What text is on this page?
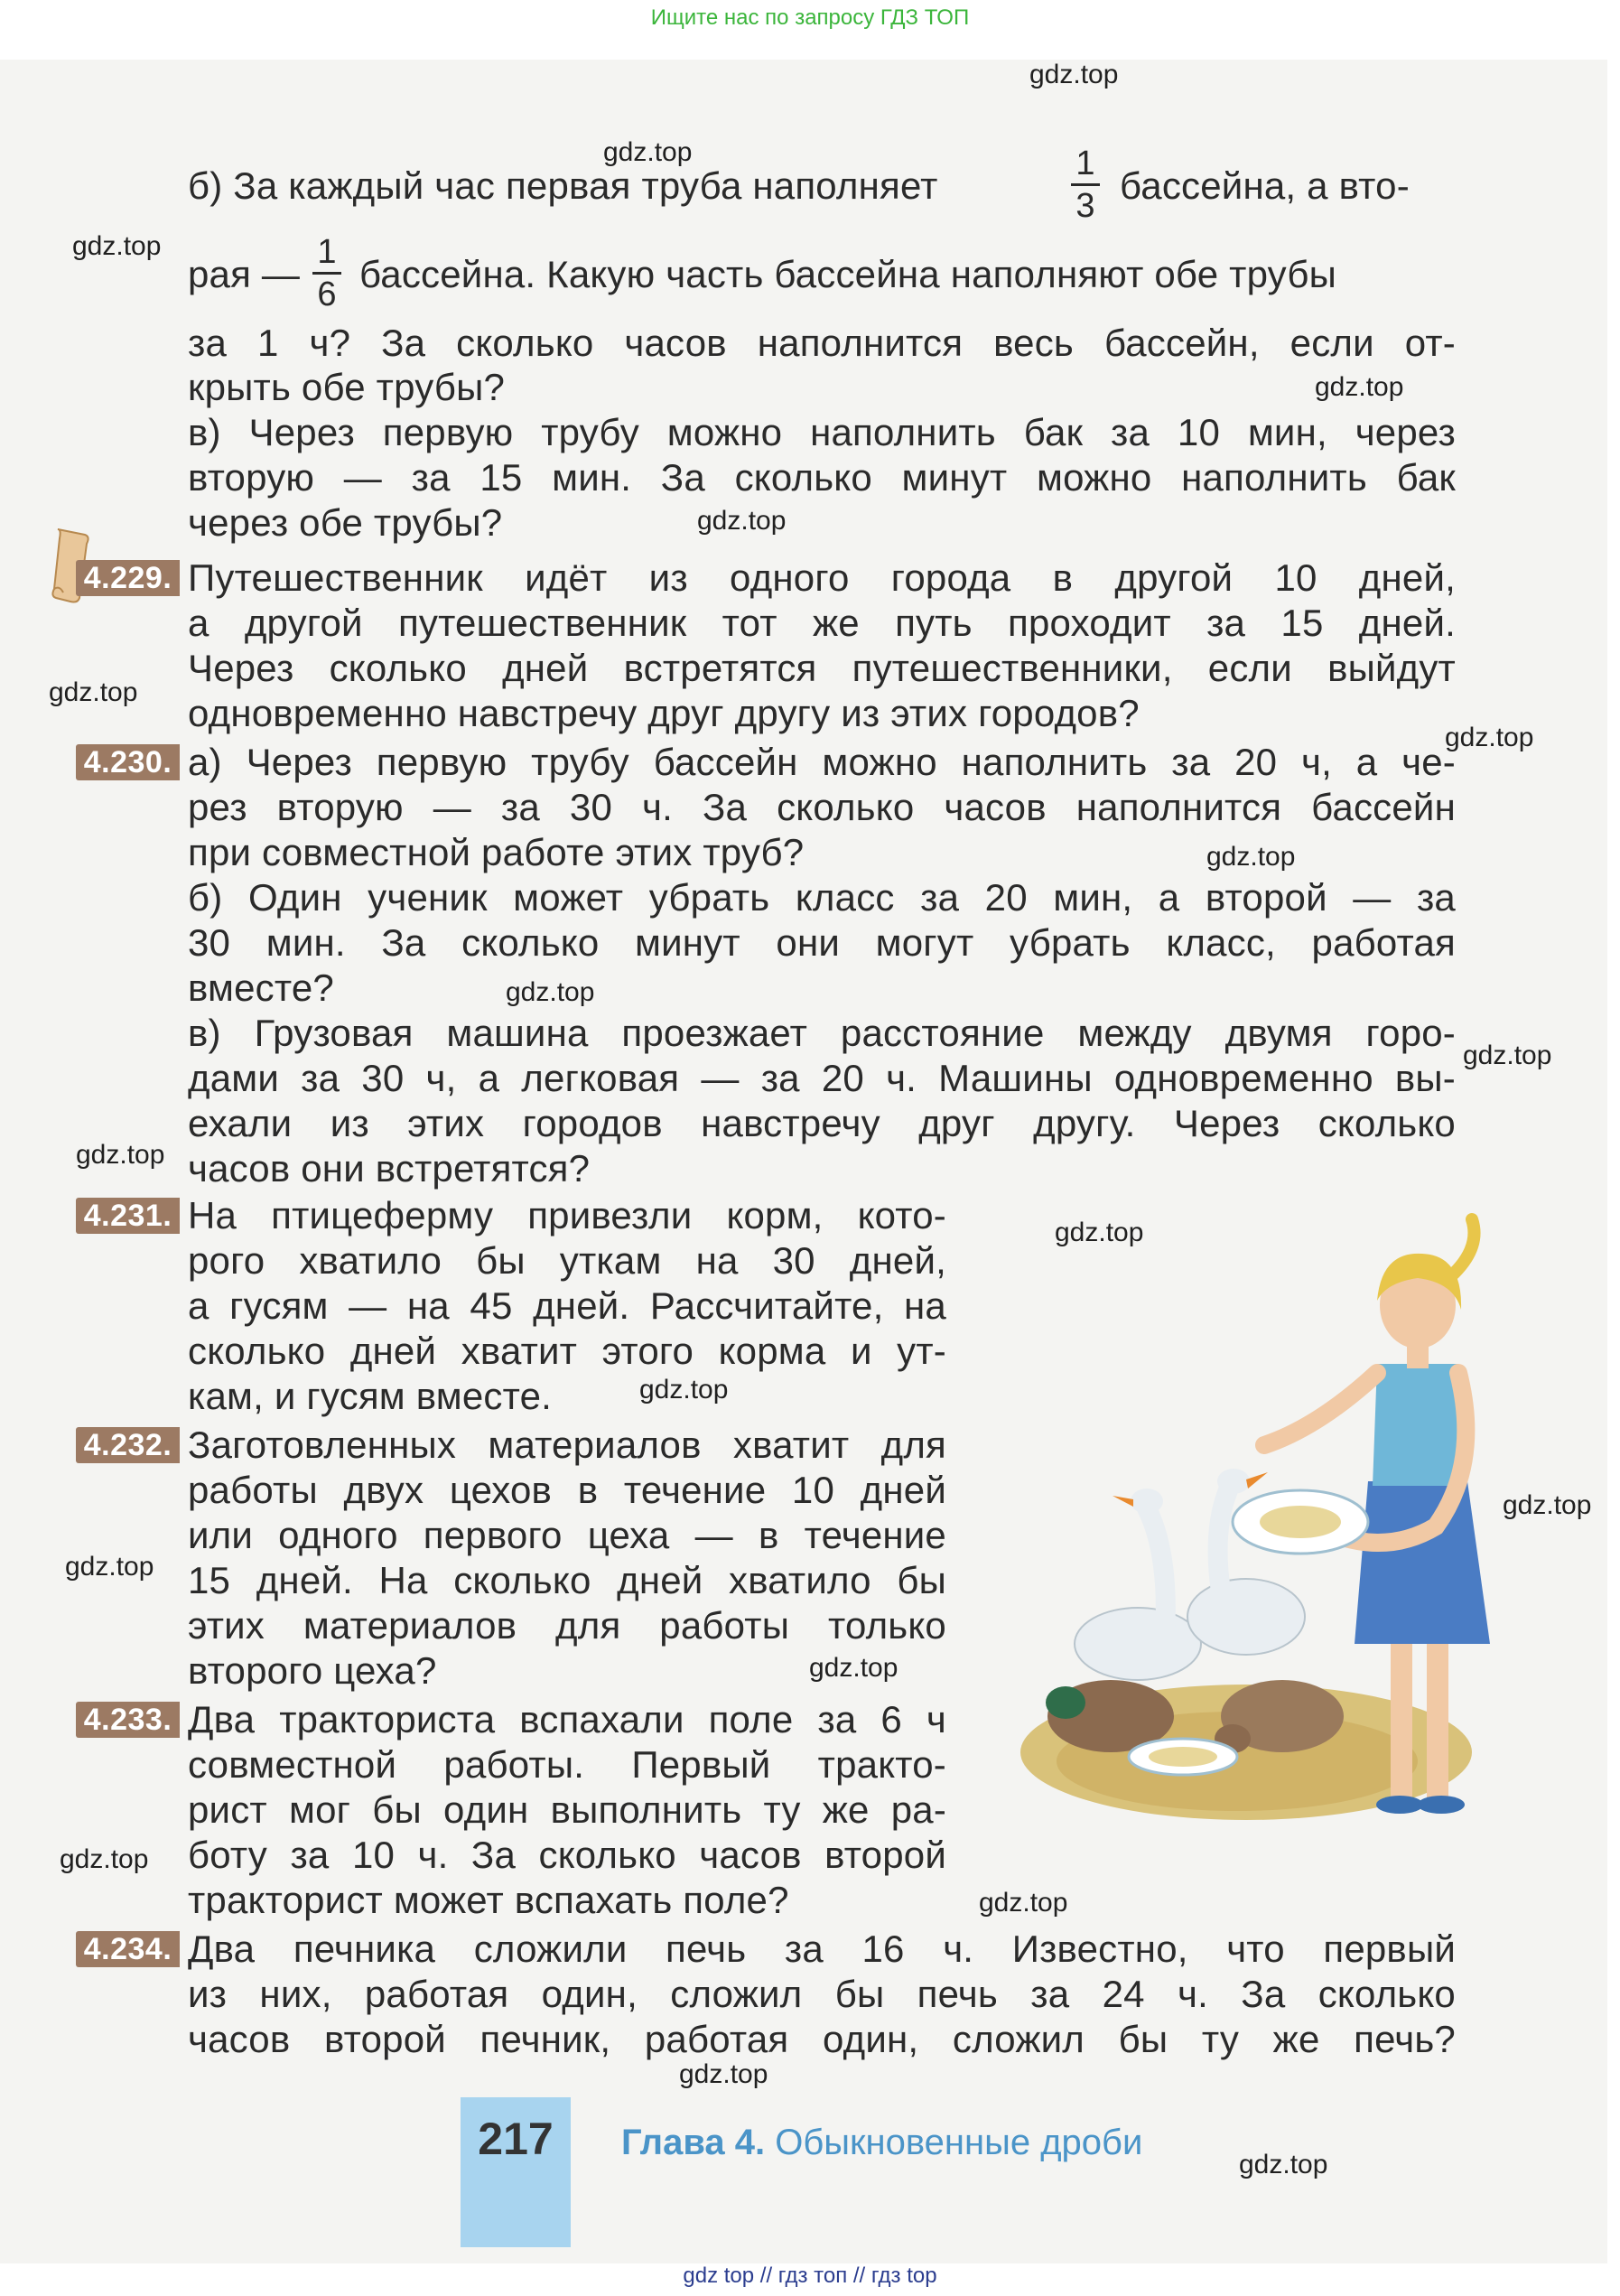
Ищите нас по запросу ГДЗ ТОП
gdz.top
gdz.top
gdz.top
gdz.top
gdz.top
gdz.top
gdz.top
gdz.top
gdz.top
gdz.top
gdz.top
gdz.top
gdz.top
gdz.top
gdz.top
gdz.top
gdz.top
gdz.top
gdz.top
gdz.top
б) За каждый час первая труба наполняет
1
3 бассейна, а вто-
рая —
1
6 бассейна. Какую часть бассейна наполняют обе трубы
за 1 ч? За сколько часов наполнится весь бассейн, если от-
крыть обе трубы?
в) Через первую трубу можно наполнить бак за 10 мин, через
вторую — за 15 мин. За сколько минут можно наполнить бак
через обе трубы?
4.229. Путешественник идёт из одного города в другой 10 дней,
а другой путешественник тот же путь проходит за 15 дней.
Через сколько дней встретятся путешественники, если выйдут
одновременно навстречу друг другу из этих городов?
4.230. а) Через первую трубу бассейн можно наполнить за 20 ч, а че-
рез вторую — за 30 ч. За сколько часов наполнится бассейн
при совместной работе этих труб?
б) Один ученик может убрать класс за 20 мин, а второй — за
30 мин. За сколько минут они могут убрать класс, работая
вместе?
в) Грузовая машина проезжает расстояние между двумя горо-
дами за 30 ч, а легковая — за 20 ч. Машины одновременно вы-
ехали из этих городов навстречу друг другу. Через сколько
часов они встретятся?
4.231. На птицеферму привезли корм, кото-
рого хватило бы уткам на 30 дней,
а гусям — на 45 дней. Рассчитайте, на
сколько дней хватит этого корма и ут-
кам, и гусям вместе.
4.232. Заготовленных материалов хватит для
работы двух цехов в течение 10 дней
или одного первого цеха — в течение
15 дней. На сколько дней хватило бы
этих материалов для работы только
второго цеха?
4.233. Два тракториста вспахали поле за 6 ч
совместной работы. Первый тракто-
рист мог бы один выполнить ту же ра-
боту за 10 ч. За сколько часов второй
тракторист может вспахать поле?
4.234. Два печника сложили печь за 16 ч. Известно, что первый
из них, работая один, сложил бы печь за 24 ч. За сколько
часов второй печник, работая один, сложил бы ту же печь?
217	Глава 4. Обыкновенные дроби
gdz top // гдз топ // гдз top
